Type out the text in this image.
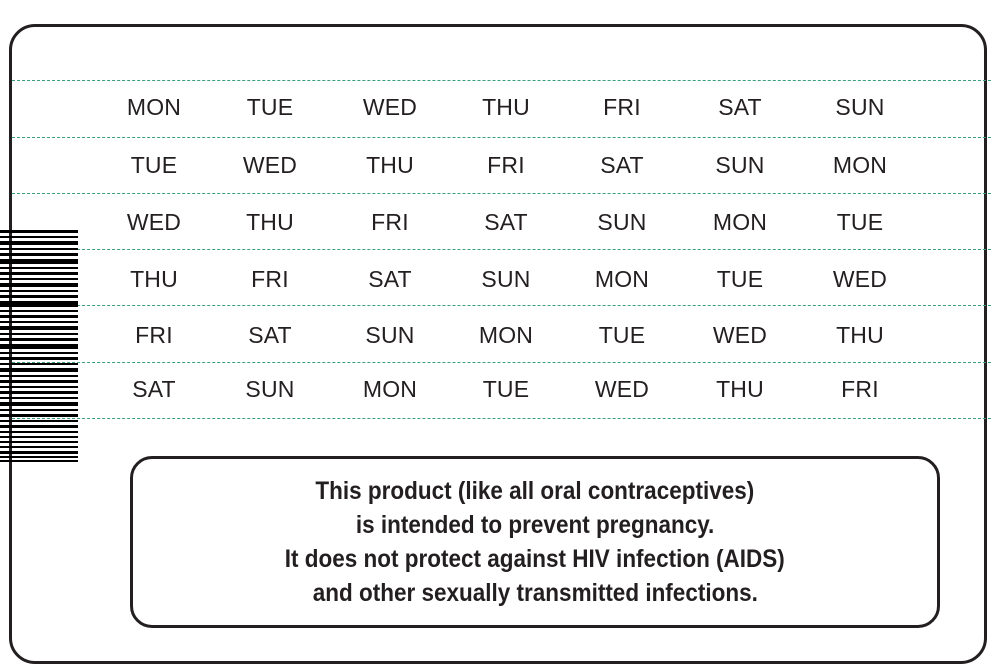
MON	TUE	WED	THU	FRI	SAT	SUN
TUE	WED	THU	FRI	SAT	SUN	MON
WED	THU	FRI	SAT	SUN	MON	TUE
THU	FRI	SAT	SUN	MON	TUE	WED
FRI	SAT	SUN	MON	TUE	WED	THU
SAT	SUN	MON	TUE	WED	THU	FRI
This product (like all oral contraceptives)
is intended to prevent pregnancy.
It does not protect against HIV infection (AIDS)
and other sexually transmitted infections.
